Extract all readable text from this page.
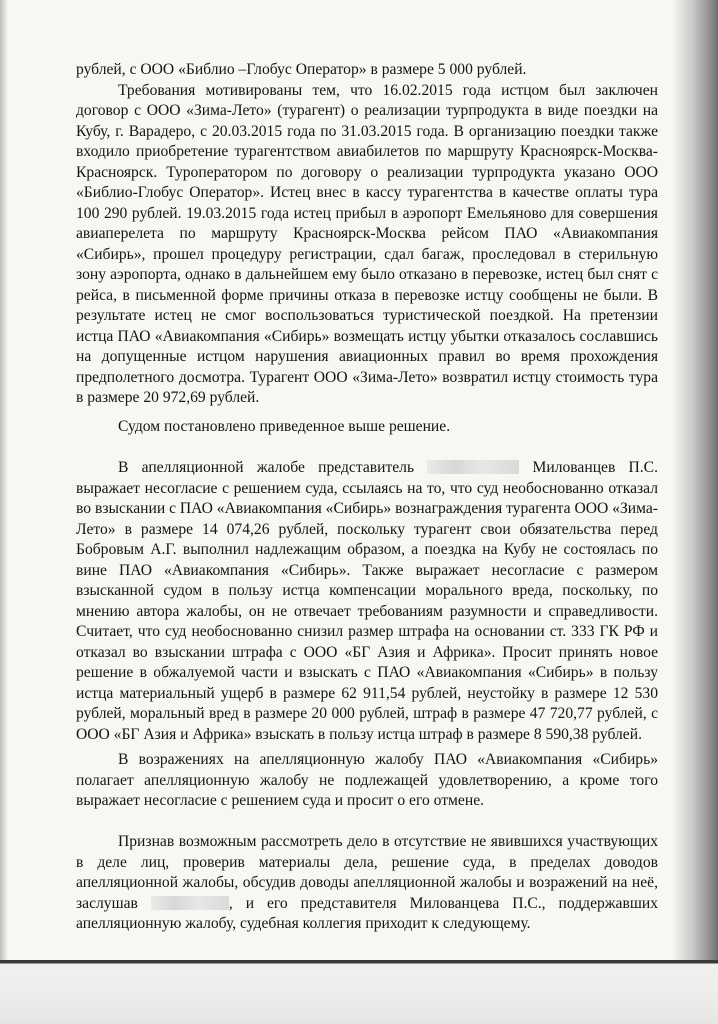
рублей, с ООО «Библио –Глобус Оператор» в размере 5 000 рублей.

Требования мотивированы тем, что 16.02.2015 года истцом был заключен договор с ООО «Зима-Лето» (турагент) о реализации турпродукта в виде поездки на Кубу, г. Варадеро, с 20.03.2015 года по 31.03.2015 года. В организацию поездки также входило приобретение турагентством авиабилетов по маршруту Красноярск-Москва-Красноярск. Туроператором по договору о реализации турпродукта указано ООО «Библио-Глобус Оператор». Истец внес в кассу турагентства в качестве оплаты тура 100 290 рублей. 19.03.2015 года истец прибыл в аэропорт Емельяново для совершения авиаперелета по маршруту Красноярск-Москва рейсом ПАО «Авиакомпания «Сибирь», прошел процедуру регистрации, сдал багаж, проследовал в стерильную зону аэропорта, однако в дальнейшем ему было отказано в перевозке, истец был снят с рейса, в письменной форме причины отказа в перевозке истцу сообщены не были. В результате истец не смог воспользоваться туристической поездкой. На претензии истца ПАО «Авиакомпания «Сибирь» возмещать истцу убытки отказалось сославшись на допущенные истцом нарушения авиационных правил во время прохождения предполетного досмотра. Турагент ООО «Зима-Лето» возвратил истцу стоимость тура в размере 20 972,69 рублей.

Судом постановлено приведенное выше решение.

В апелляционной жалобе представитель	Милованцев П.С. выражает несогласие с решением суда, ссылаясь на то, что суд необоснованно отказал во взыскании с ПАО «Авиакомпания «Сибирь» вознаграждения турагента ООО «Зима-Лето» в размере 14 074,26 рублей, поскольку турагент свои обязательства перед Бобровым А.Г. выполнил надлежащим образом, а поездка на Кубу не состоялась по вине ПАО «Авиакомпания «Сибирь». Также выражает несогласие с размером взысканной судом в пользу истца компенсации морального вреда, поскольку, по мнению автора жалобы, он не отвечает требованиям разумности и справедливости. Считает, что суд необоснованно снизил размер штрафа на основании ст. 333 ГК РФ и отказал во взыскании штрафа с ООО «БГ Азия и Африка». Просит принять новое решение в обжалуемой части и взыскать с ПАО «Авиакомпания «Сибирь» в пользу истца материальный ущерб в размере 62 911,54 рублей, неустойку в размере 12 530 рублей, моральный вред в размере 20 000 рублей, штраф в размере 47 720,77 рублей, с ООО «БГ Азия и Африка» взыскать в пользу истца штраф в размере 8 590,38 рублей.

В возражениях на апелляционную жалобу ПАО «Авиакомпания «Сибирь» полагает апелляционную жалобу не подлежащей удовлетворению, а кроме того выражает несогласие с решением суда и просит о его отмене.

Признав возможным рассмотреть дело в отсутствие не явившихся участвующих в деле лиц, проверив материалы дела, решение суда, в пределах доводов апелляционной жалобы, обсудив доводы апелляционной жалобы и возражений на неё, заслушав	, и его представителя Милованцева П.С., поддержавших апелляционную жалобу, судебная коллегия приходит к следующему.
